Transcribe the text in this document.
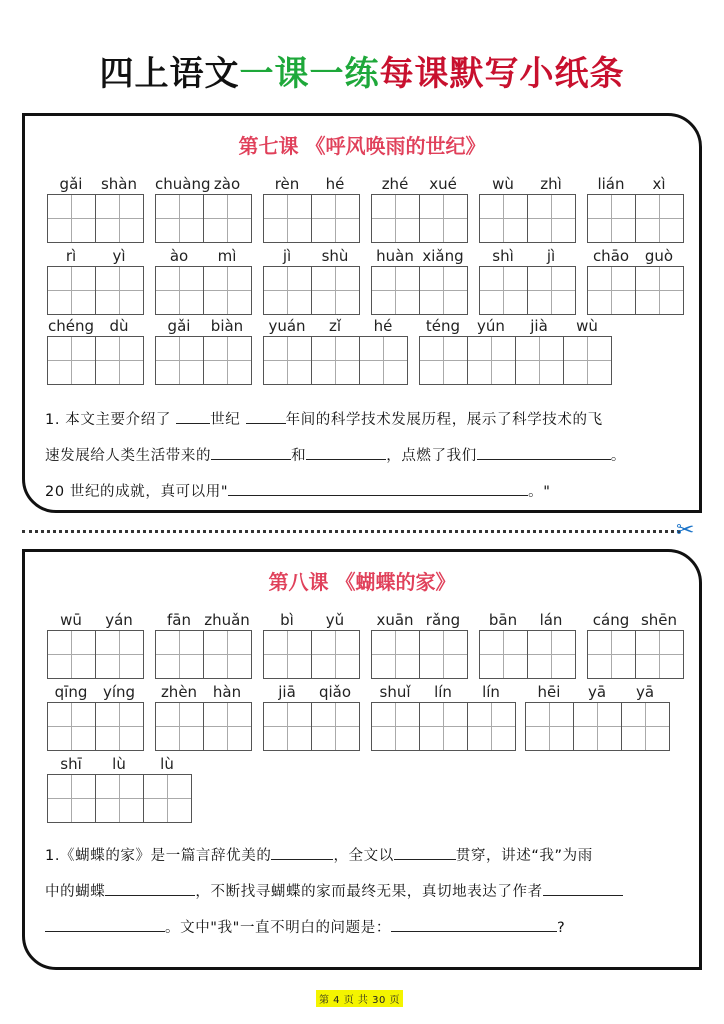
四上语文一课一练每课默写小纸条
第七课 《呼风唤雨的世纪》
gǎi	shàn	chuàng zào	rèn	hé	zhé	xué	wù	zhì	lián	xì
rì	yì	ào	mì	jì	shù	huàn xiǎng	shì	jì	chāo	guò
chéng	dù	gǎi	biàn	yuán	zǐ	hé	téng	yún	jià	wù
1. 本文主要介绍了	世纪	年间的科学技术发展历程，展示了科学技术的飞
速发展给人类生活带来的	和	，点燃了我们	。
20 世纪的成就，真可以用"	。"
✂
第八课 《蝴蝶的家》
wū	yán	fān zhuǎn	bì	yǔ	xuān rǎng	bān	lán	cáng shēn
qīng	yíng	zhèn	hàn	jiā	qiǎo	shuǐ	lín	lín	hēi	yā	yā
shī	lù	lù
1.《蝴蝶的家》是一篇言辞优美的	，全文以	贯穿，讲述“我”为雨
中的蝴蝶	，不断找寻蝴蝶的家而最终无果，真切地表达了作者
。文中"我"一直不明白的问题是：	?
第 4 页 共 30 页
